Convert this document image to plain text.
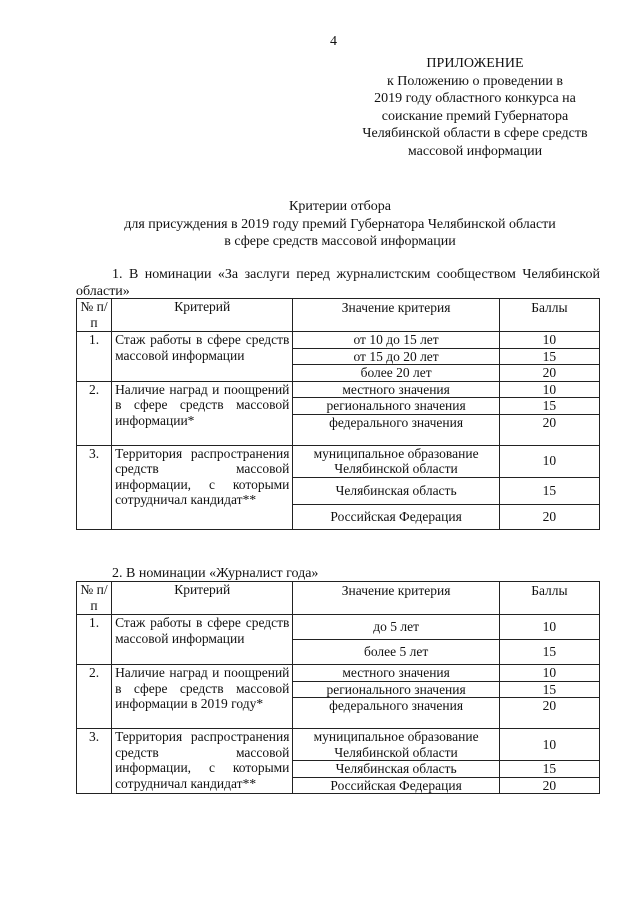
4
ПРИЛОЖЕНИЕ
к Положению о проведении в
2019 году областного конкурса на
соискание премий Губернатора
Челябинской области в сфере средств
массовой информации
Критерии отбора
для присуждения в 2019 году премий Губернатора Челябинской области
в сфере средств массовой информации
1. В номинации «За заслуги перед журналистским сообществом Челябинской области»
№ п/п	Критерий	Значение критерия	Баллы
1.	Стаж работы в сфере средств массовой информации	от 10 до 15 лет	10
		от 15 до 20 лет	15
		более 20 лет	20
2.	Наличие наград и поощрений в сфере средств массовой информации*	местного значения	10
		регионального значения	15
		федерального значения	20
3.	Территория распространения средств массовой информации, с которыми сотрудничал кандидат**	муниципальное образование Челябинской области	10
		Челябинская область	15
		Российская Федерация	20
2. В номинации «Журналист года»
№ п/п	Критерий	Значение критерия	Баллы
1.	Стаж работы в сфере средств массовой информации	до 5 лет	10
		более 5 лет	15
2.	Наличие наград и поощрений в сфере средств массовой информации в 2019 году*	местного значения	10
		регионального значения	15
		федерального значения	20
3.	Территория распространения средств массовой информации, с которыми сотрудничал кандидат**	муниципальное образование Челябинской области	10
		Челябинская область	15
		Российская Федерация	20
